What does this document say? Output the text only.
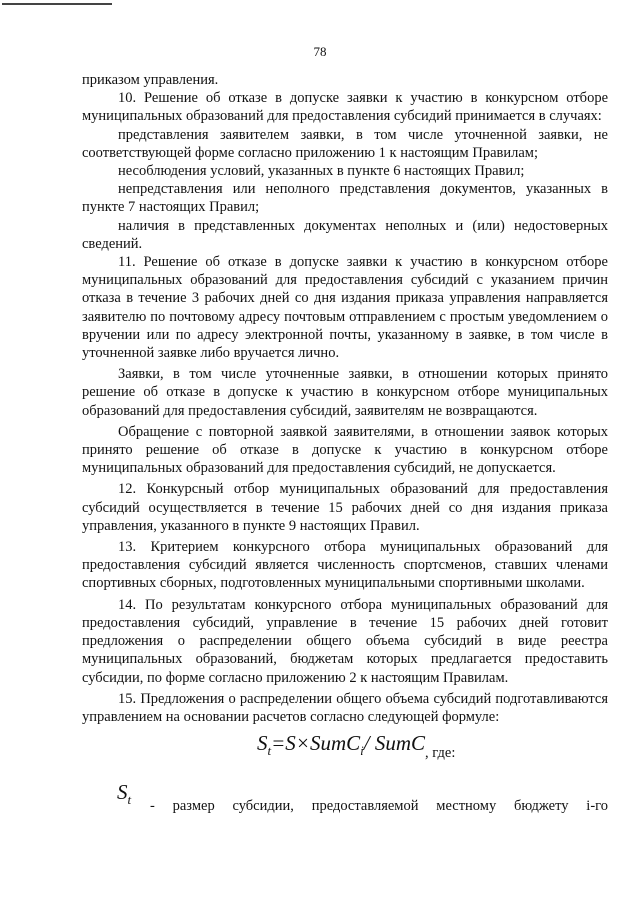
78

приказом управления.

10. Решение об отказе в допуске заявки к участию в конкурсном отборе муниципальных образований для предоставления субсидий принимается в случаях:

представления заявителем заявки, в том числе уточненной заявки, не соответствующей форме согласно приложению 1 к настоящим Правилам;

несоблюдения условий, указанных в пункте 6 настоящих Правил;

непредставления или неполного представления документов, указанных в пункте 7 настоящих Правил;

наличия в представленных документах неполных и (или) недостоверных сведений.

11. Решение об отказе в допуске заявки к участию в конкурсном отборе муниципальных образований для предоставления субсидий с указанием причин отказа в течение 3 рабочих дней со дня издания приказа управления направляется заявителю по почтовому адресу почтовым отправлением с простым уведомлением о вручении или по адресу электронной почты, указанному в заявке, в том числе в уточненной заявке либо вручается лично.

Заявки, в том числе уточненные заявки, в отношении которых принято решение об отказе в допуске к участию в конкурсном отборе муниципальных образований для предоставления субсидий, заявителям не возвращаются.

Обращение с повторной заявкой заявителями, в отношении заявок которых принято решение об отказе в допуске к участию в конкурсном отборе муниципальных образований для предоставления субсидий, не допускается.

12. Конкурсный отбор муниципальных образований для предоставления субсидий осуществляется в течение 15 рабочих дней со дня издания приказа управления, указанного в пункте 9 настоящих Правил.

13. Критерием конкурсного отбора муниципальных образований для предоставления субсидий является численность спортсменов, ставших членами спортивных сборных, подготовленных муниципальными спортивными школами.

14. По результатам конкурсного отбора муниципальных образований для предоставления субсидий, управление в течение 15 рабочих дней готовит предложения о распределении общего объема субсидий в виде реестра муниципальных образований, бюджетам которых предлагается предоставить субсидии, по форме согласно приложению 2 к настоящим Правилам.

15. Предложения о распределении общего объема субсидий подготавливаются управлением на основании расчетов согласно следующей формуле:

$S_t=S\times SumC_i/$ SumC, где:
$S_t$ - размер субсидии, предоставляемой местному бюджету i-го
